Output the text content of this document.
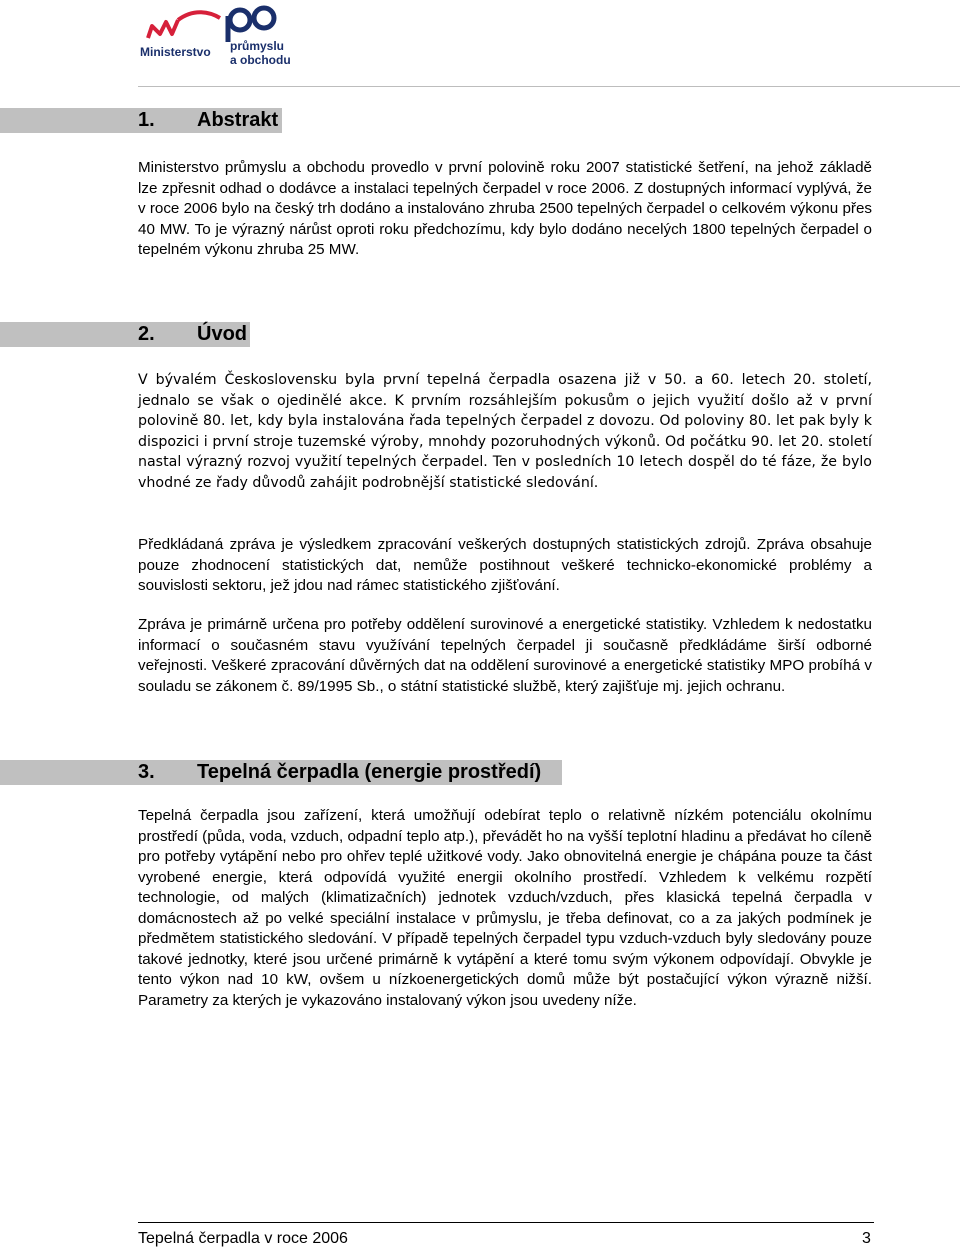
Ministerstvo průmyslu
a obchodu
1. Abstrakt

Ministerstvo průmyslu a obchodu provedlo v první polovině roku 2007 statistické šetření, na jehož základě lze zpřesnit odhad o dodávce a instalaci tepelných čerpadel v roce 2006. Z dostupných informací vyplývá, že v roce 2006 bylo na český trh dodáno a instalováno zhruba 2500 tepelných čerpadel o celkovém výkonu přes 40 MW. To je výrazný nárůst oproti roku předchozímu, kdy bylo dodáno necelých 1800 tepelných čerpadel o tepelném výkonu zhruba 25 MW.

2. Úvod

V bývalém Československu byla první tepelná čerpadla osazena již v 50. a 60. letech 20. století, jednalo se však o ojedinělé akce. K prvním rozsáhlejším pokusům o jejich využití došlo až v první polovině 80. let, kdy byla instalována řada tepelných čerpadel z dovozu. Od poloviny 80. let pak byly k dispozici i první stroje tuzemské výroby, mnohdy pozoruhodných výkonů. Od počátku 90. let 20. století nastal výrazný rozvoj využití tepelných čerpadel. Ten v posledních 10 letech dospěl do té fáze, že bylo vhodné ze řady důvodů zahájit podrobnější statistické sledování.

Předkládaná zpráva je výsledkem zpracování veškerých dostupných statistických zdrojů. Zpráva obsahuje pouze zhodnocení statistických dat, nemůže postihnout veškeré technicko-ekonomické problémy a souvislosti sektoru, jež jdou nad rámec statistického zjišťování.

Zpráva je primárně určena pro potřeby oddělení surovinové a energetické statistiky. Vzhledem k nedostatku informací o současném stavu využívání tepelných čerpadel ji současně předkládáme širší odborné veřejnosti. Veškeré zpracování důvěrných dat na oddělení surovinové a energetické statistiky MPO probíhá v souladu se zákonem č. 89/1995 Sb., o státní statistické službě, který zajišťuje mj. jejich ochranu.

3. Tepelná čerpadla (energie prostředí)

Tepelná čerpadla jsou zařízení, která umožňují odebírat teplo o relativně nízkém potenciálu okolnímu prostředí (půda, voda, vzduch, odpadní teplo atp.), převádět ho na vyšší teplotní hladinu a předávat ho cíleně pro potřeby vytápění nebo pro ohřev teplé užitkové vody. Jako obnovitelná energie je chápána pouze ta část vyrobené energie, která odpovídá využité energii okolního prostředí. Vzhledem k velkému rozpětí technologie, od malých (klimatizačních) jednotek vzduch/vzduch, přes klasická tepelná čerpadla v domácnostech až po velké speciální instalace v průmyslu, je třeba definovat, co a za jakých podmínek je předmětem statistického sledování. V případě tepelných čerpadel typu vzduch-vzduch byly sledovány pouze takové jednotky, které jsou určené primárně k vytápění a které tomu svým výkonem odpovídají. Obvykle je tento výkon nad 10 kW, ovšem u nízkoenergetických domů může být postačující výkon výrazně nižší. Parametry za kterých je vykazováno instalovaný výkon jsou uvedeny níže.

Tepelná čerpadla v roce 2006	3
